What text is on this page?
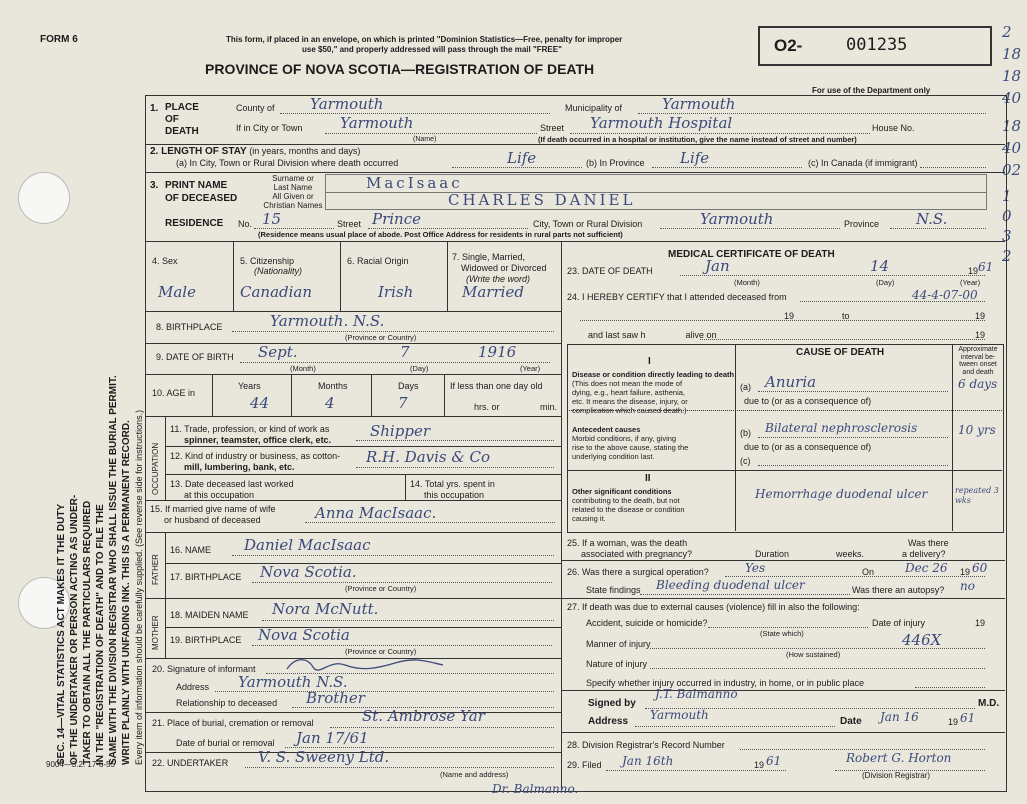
FORM 6	This form, if placed in an envelope, on which is printed "Dominion Statistics—Free, penalty for improper
use $50," and properly addressed will pass through the mail "FREE"
PROVINCE OF NOVA SCOTIA—REGISTRATION OF DEATH
O2-	001235
For use of the Department only
2
18
18
40
18
40
02
1
0
3
2
SEC. 14—VITAL STATISTICS ACT MAKES IT THE DUTY OF THE UNDERTAKER OR PERSON ACTING AS UNDER- TAKER TO OBTAIN ALL THE PARTICULARS REQUIRED IN THE "REGISTRATION OF DEATH" AND TO FILE THE SAME WITH THE DIVISION REGISTRAR WHO SHALL ISSUE THE BURIAL PERMIT. WRITE PLAINLY WITH UNFADING INK. THIS IS A PERMANENT RECORD. Every item of information should be carefully supplied. (See reverse side for instructions.)
1. PLACE
OF
DEATH
County of Yarmouth	Municipality of	Yarmouth
If in City or Town	Yarmouth
(Name)
Street Yarmouth Hospital	House No.
(If death occurred in a hospital or institution, give the name instead of street and number)
2. LENGTH OF STAY (in years, months and days)
(a) In City, Town or Rural Division where death occurred	Life	(b) In Province Life	(c) In Canada (if immigrant)
3. PRINT NAME
OF DECEASED
Surname or
Last Name	MacIsaac
All Given or
Christian Names	CHARLES DANIEL
RESIDENCE No. 15	Street Prince	City, Town or Rural Division	Yarmouth	Province N.S.
(Residence means usual place of abode. Post Office Address for residents in rural parts not sufficient)
4. Sex
Male
5. Citizenship
(Nationality)
Canadian
6. Racial Origin
Irish
7. Single, Married,
Widowed or Divorced
(Write the word)
Married
8. BIRTHPLACE	Yarmouth. N.S.
(Province or Country)
9. DATE OF BIRTH Sept.	7	1916
(Month)	(Day)	(Year)
10. AGE in
Years	Months	Days
44	4	7
If less than one day old
hrs. or	min.
OCCUPATION
11. Trade, profession, or kind of work as
spinner, teamster, office clerk, etc.	Shipper
12. Kind of industry or business, as cotton-
mill, lumbering, bank, etc.
R.H. Davis & Co
13. Date deceased last worked
at this occupation
14. Total yrs. spent in
this occupation
15. If married give name of wife
or husband of deceased	Anna MacIsaac.
FATHER
16. NAME Daniel MacIsaac
17. BIRTHPLACE Nova Scotia.
(Province or Country)
MOTHER
18. MAIDEN NAME Nora McNutt.
19. BIRTHPLACE Nova Scotia
(Province or Country)
20. Signature of informant
Address Yarmouth N.S.
Relationship to deceased Brother
21. Place of burial, cremation or removal	St. Ambrose Yar
Date of burial or removal Jan 17/61
22. UNDERTAKER V. S. Sweeny Ltd.
(Name and address)
9004—3.2: 17-6-55
Dr. Balmanno.
MEDICAL CERTIFICATE OF DEATH
23. DATE OF DEATH	Jan	14	19 61
(Month)	(Day)	(Year)
24. I HEREBY CERTIFY that I attended deceased from	44-4-07-00
19	to	19
and last saw h	alive on	19
CAUSE OF DEATH	Approximate
interval be-
tween onset
and death
I
Disease or condition directly leading to death
(This does not mean the mode of
dying, e.g., heart failure, asthenia,
etc. It means the disease, injury, or
complication which caused death.)
(a) Anuria	6 days
due to (or as a consequence of)
Antecedent causes
Morbid conditions, if any, giving
rise to the above cause, stating the
underlying condition last.
(b) Bilateral nephrosclerosis	10 yrs
due to (or as a consequence of)
(c)
II
Other significant conditions
contributing to the death, but not
related to the disease or condition
causing it.
Hemorrhage duodenal ulcer	repeated 3 wks
25. If a woman, was the death
associated with pregnancy?	Duration	weeks.
Was there
a delivery?
26. Was there a surgical operation?	Yes	On	Dec 26 19 60
State findings Bleeding duodenal ulcer	Was there an autopsy? no
27. If death was due to external causes (violence) fill in also the following:
Accident, suicide or homicide?
(State which)
Date of injury	19
Manner of injury	446X
(How sustained)
Nature of injury
Specify whether injury occurred in industry, in home, or in public place
Signed by
J.T. Balmanno
M.D.
Address Yarmouth	Date Jan 16	19 61
28. Division Registrar's Record Number
29. Filed Jan 16th	19 61	Robert G. Horton
(Division Registrar)
